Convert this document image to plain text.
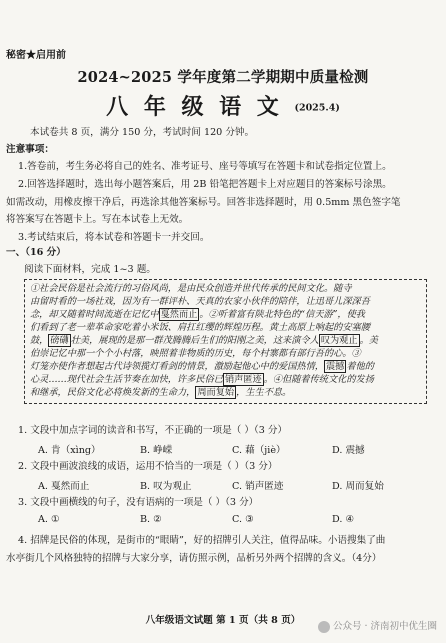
秘密★启用前
2024~2025 学年度第二学期期中质量检测
八 年 级 语 文 (2025.4)
本试卷共 8 页，满分 150 分，考试时间 120 分钟。
注意事项：
1.答卷前，考生务必将自己的姓名、准考证号、座号等填写在答题卡和试卷指定位置上。
2.回答选择题时，选出每小题答案后，用 2B 铅笔把答题卡上对应题目的答案标号涂黑。
如需改动，用橡皮擦干净后，再选涂其他答案标号。回答非选择题时，用 0.5mm 黑色签字笔
将答案写在答题卡上。写在本试卷上无效。
3.考试结束后，将本试卷和答题卡一并交回。
一、（16 分）
阅读下面材料，完成 1~3 题。
①社会民俗是社会流行的习俗风尚，是由民众创造并世代传承的民间文化。随寺
由留时看的一场社戏，因为有一群评朴、天真的农家小伙伴的陪伴，让迅哥儿深深吾
念，却又随着时间流逝在记忆中 戛然而止 。②听着富有陕北特色的“信天游”，使我
们看到了老一辈革命家吃着小米饭、肩扛红缨的辉煌历程。黄土高原上响起的安塞腰
鼓， 磅礴 壮美，展现的是那一群茂腾腾后生们的阳刚之美，这来演令人 叹为观止 。美
伯崇记忆中那一个个小村落，映照着非物质的历史，每个村寨都有部行吾的心。③
灯笼亦使作者想起古代诗领揽灯看剑的情景，激励起他心中的爱国热情， 震撼 着他的
心灵……现代社会生活节奏在加快，许多民俗已 销声匿迹 。④但随着传统文化的发扬
和继承，民俗文化必将焕发新的生命力， 周而复始 ，生生不息。
1. 文段中加点字词的读音和书写，不正确的一项是（ ）（3 分）
A. 肯（xìng）	B. 峥嵘	C. 藉（jiè）	D. 震撼
2. 文段中画波浪线的成语，运用不恰当的一项是（ ）（3 分）
A. 戛然而止	B. 叹为观止	C. 销声匿迹	D. 周而复始
3. 文段中画横线的句子，没有语病的一项是（ ）（3 分）
A. ①	B. ②	C. ③	D. ④
4. 招牌是民俗的体现，是街市的“眼睛”，好的招牌引人关注，值得品味。小语搜集了曲
水亭街几个风格独特的招牌与大家分享，请仿照示例，品析另外两个招牌的含义。（4分）
八年级语文试题 第 1 页（共 8 页）
公众号 · 济南初中优生圈
